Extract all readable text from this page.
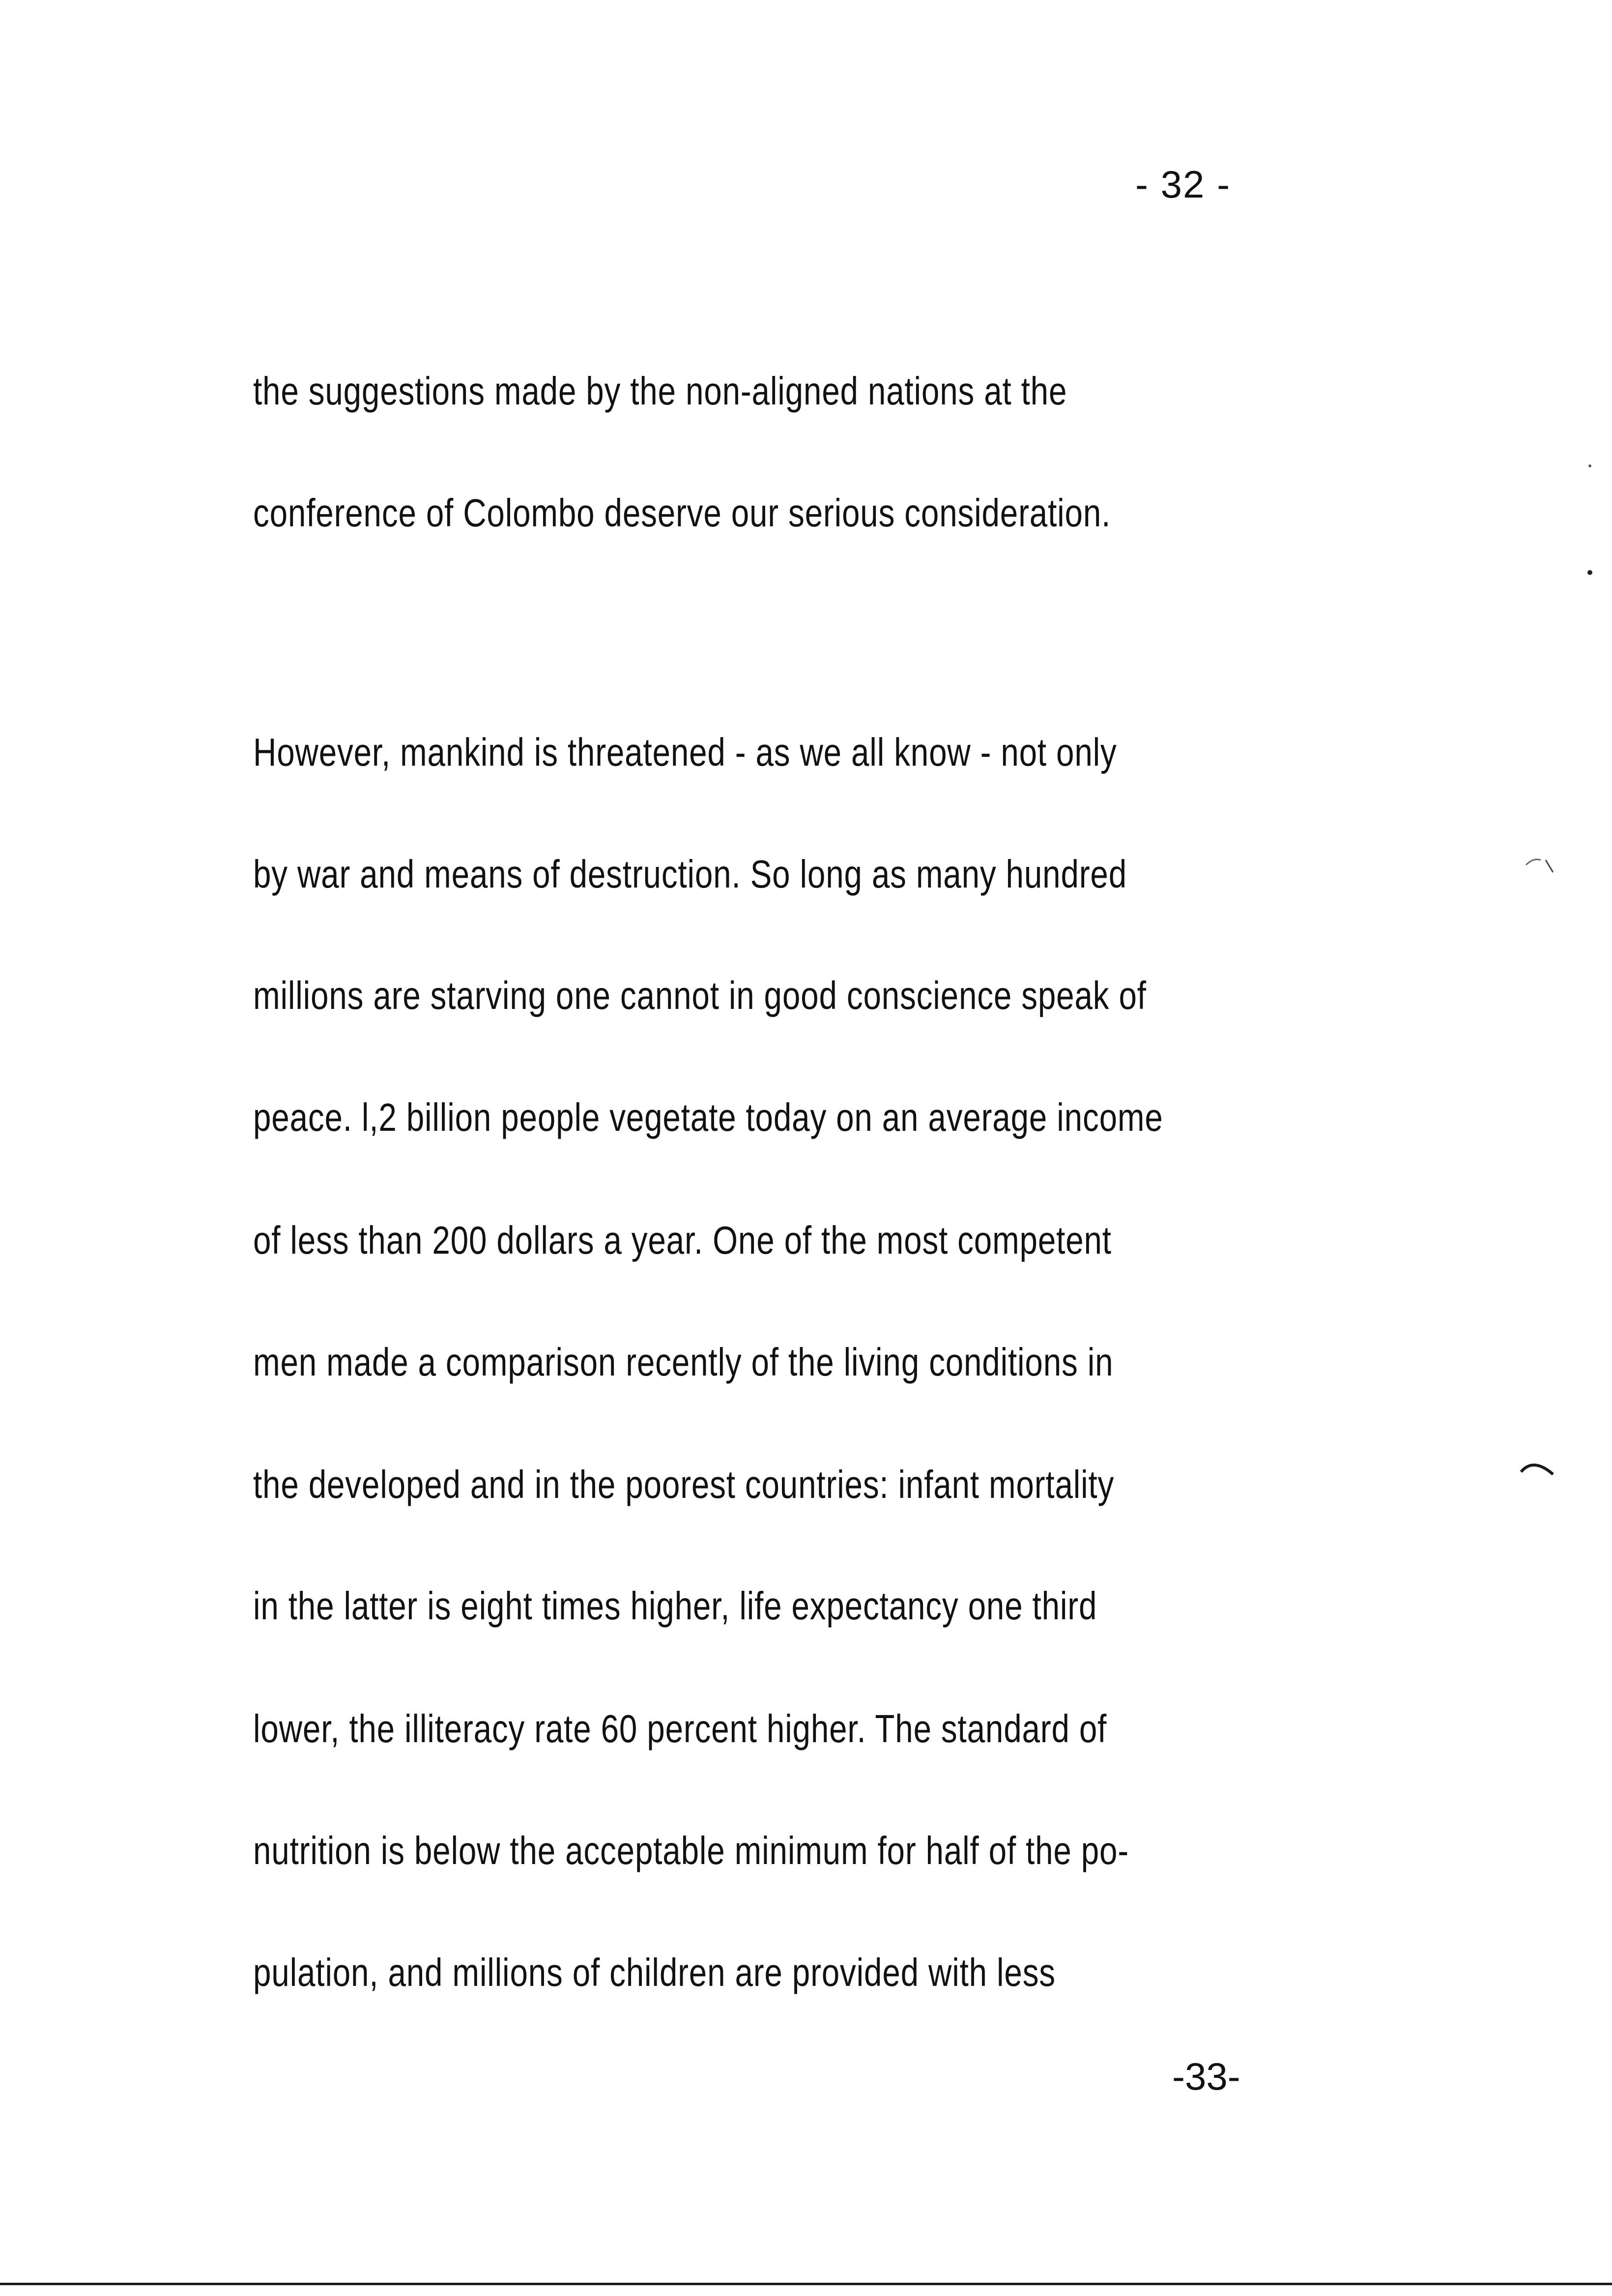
- 32 -
the suggestions made by the non-aligned nations at the
conference of Colombo deserve our serious consideration.
However, mankind is threatened - as we all know - not only
by war and means of destruction. So long as many hundred
millions are starving one cannot in good conscience speak of
peace. l,2 billion people vegetate today on an average income
of less than 200 dollars a year. One of the most competent
men made a comparison recently of the living conditions in
the developed and in the poorest countries: infant mortality
in the latter is eight times higher, life expectancy one third
lower, the illiteracy rate 60 percent higher. The standard of
nutrition is below the acceptable minimum for half of the po-
pulation, and millions of children are provided with less
-33-
